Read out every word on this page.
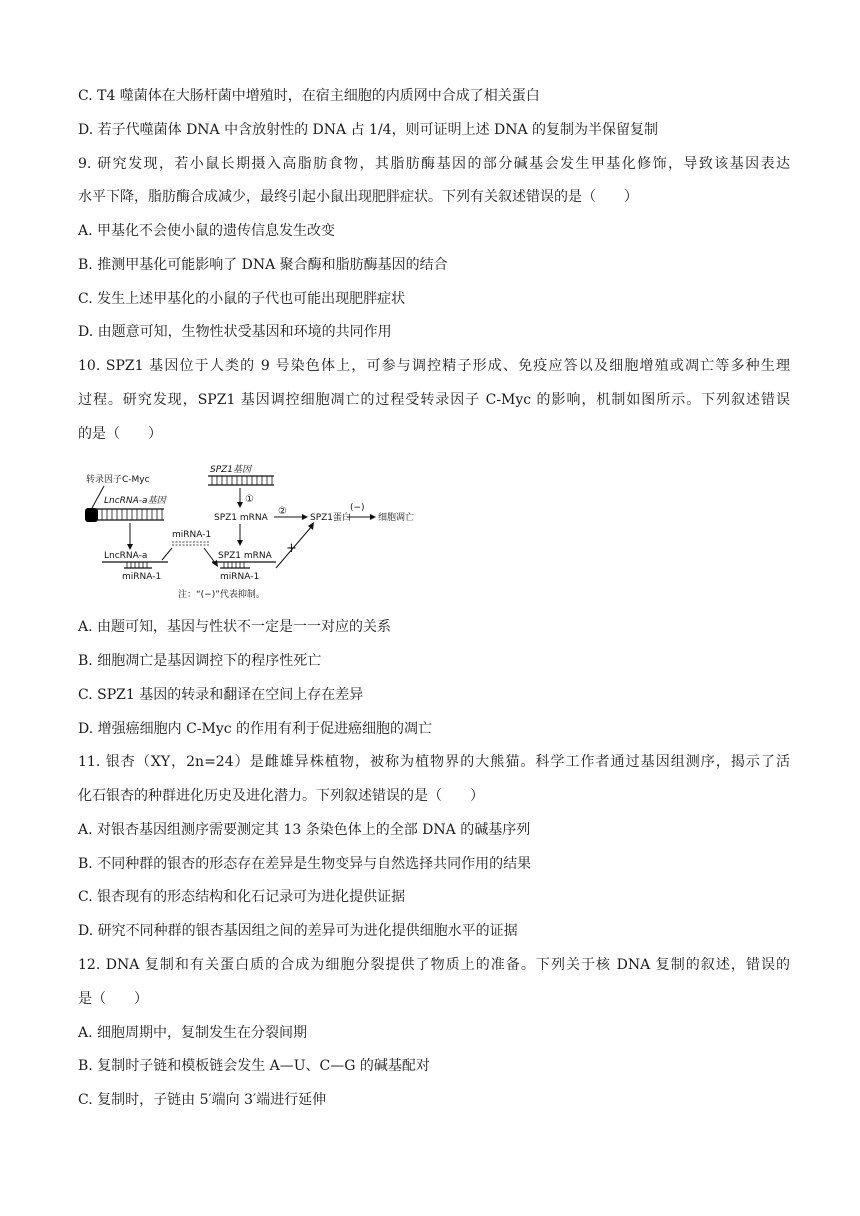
C. T4 噬菌体在大肠杆菌中增殖时，在宿主细胞的内质网中合成了相关蛋白
D. 若子代噬菌体 DNA 中含放射性的 DNA 占 1/4，则可证明上述 DNA 的复制为半保留复制
9. 研究发现，若小鼠长期摄入高脂肪食物，其脂肪酶基因的部分碱基会发生甲基化修饰，导致该基因表达
水平下降，脂肪酶合成减少，最终引起小鼠出现肥胖症状。下列有关叙述错误的是（　　）
A. 甲基化不会使小鼠的遗传信息发生改变
B. 推测甲基化可能影响了 DNA 聚合酶和脂肪酶基因的结合
C. 发生上述甲基化的小鼠的子代也可能出现肥胖症状
D. 由题意可知，生物性状受基因和环境的共同作用
10. SPZ1 基因位于人类的 9 号染色体上，可参与调控精子形成、免疫应答以及细胞增殖或凋亡等多种生理
过程。研究发现，SPZ1 基因调控细胞凋亡的过程受转录因子 C-Myc 的影响，机制如图所示。下列叙述错误
的是（　　）
转录因子C-Myc
LncRNA-a基因
LncRNA-a
miRNA-1
miRNA-1
SPZ1基因
①
SPZ1 mRNA
②
SPZ1蛋白
(−)
细胞凋亡
SPZ1 mRNA
miRNA-1
+
注：“(−)”代表抑制。
A. 由题可知，基因与性状不一定是一一对应的关系
B. 细胞凋亡是基因调控下的程序性死亡
C. SPZ1 基因的转录和翻译在空间上存在差异
D. 增强癌细胞内 C-Myc 的作用有利于促进癌细胞的凋亡
11. 银杏（XY，2n=24）是雌雄异株植物，被称为植物界的大熊猫。科学工作者通过基因组测序，揭示了活
化石银杏的种群进化历史及进化潜力。下列叙述错误的是（　　）
A. 对银杏基因组测序需要测定其 13 条染色体上的全部 DNA 的碱基序列
B. 不同种群的银杏的形态存在差异是生物变异与自然选择共同作用的结果
C. 银杏现有的形态结构和化石记录可为进化提供证据
D. 研究不同种群的银杏基因组之间的差异可为进化提供细胞水平的证据
12. DNA 复制和有关蛋白质的合成为细胞分裂提供了物质上的准备。下列关于核 DNA 复制的叙述，错误的
是（　　）
A. 细胞周期中，复制发生在分裂间期
B. 复制时子链和模板链会发生 A—U、C—G 的碱基配对
C. 复制时，子链由 5′端向 3′端进行延伸
